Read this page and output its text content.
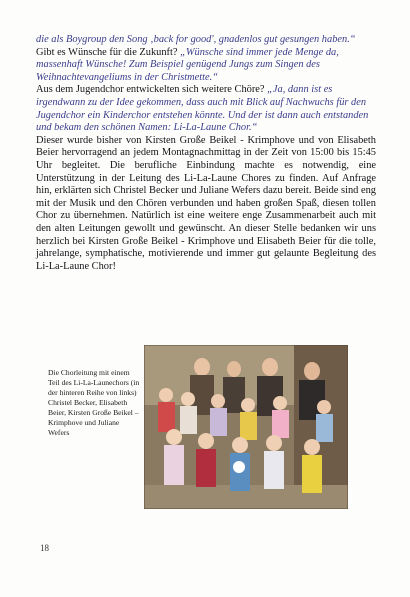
die als Boygroup den Song ‚back for good', gnadenlos gut gesungen haben.“

Gibt es Wünsche für die Zukunft? „Wünsche sind immer jede Menge da, massenhaft Wünsche! Zum Beispiel genügend Jungs zum Singen des Weihnachtevangeliums in der Christmette.“

Aus dem Jugendchor entwickelten sich weitere Chöre? „Ja, dann ist es irgendwann zu der Idee gekommen, dass auch mit Blick auf Nachwuchs für den Jugendchor ein Kinderchor entstehen könnte. Und der ist dann auch entstanden und bekam den schönen Namen: Li-La-Laune Chor.“

Dieser wurde bisher von Kirsten Große Beikel - Krimphove und von Elisabeth Beier hervorragend an jedem Montagnachmittag in der Zeit von 15:00 bis 15:45 Uhr begleitet. Die berufliche Einbindung machte es notwendig, eine Unterstützung in der Leitung des Li-La-Laune Chores zu finden. Auf Anfrage hin, erklärten sich Christel Becker und Juliane Wefers dazu bereit. Beide sind eng mit der Musik und den Chören verbunden und haben großen Spaß, diesen tollen Chor zu übernehmen. Natürlich ist eine weitere enge Zusammenarbeit auch mit den alten Leitungen gewollt und gewünscht. An dieser Stelle bedanken wir uns herzlich bei Kirsten Große Beikel - Krimphove und Elisabeth Beier für die tolle, jahrelange, symphatische, motivierende und immer gut gelaunte Begleitung des Li-La-Laune Chor!

Die Chorleitung mit einem Teil des Li-La-Launechors (in der hinteren Reihe von links) Christel Becker, Elisabeth Beier, Kirsten Große Beikel – Krimphove und Juliane Wefers
18
